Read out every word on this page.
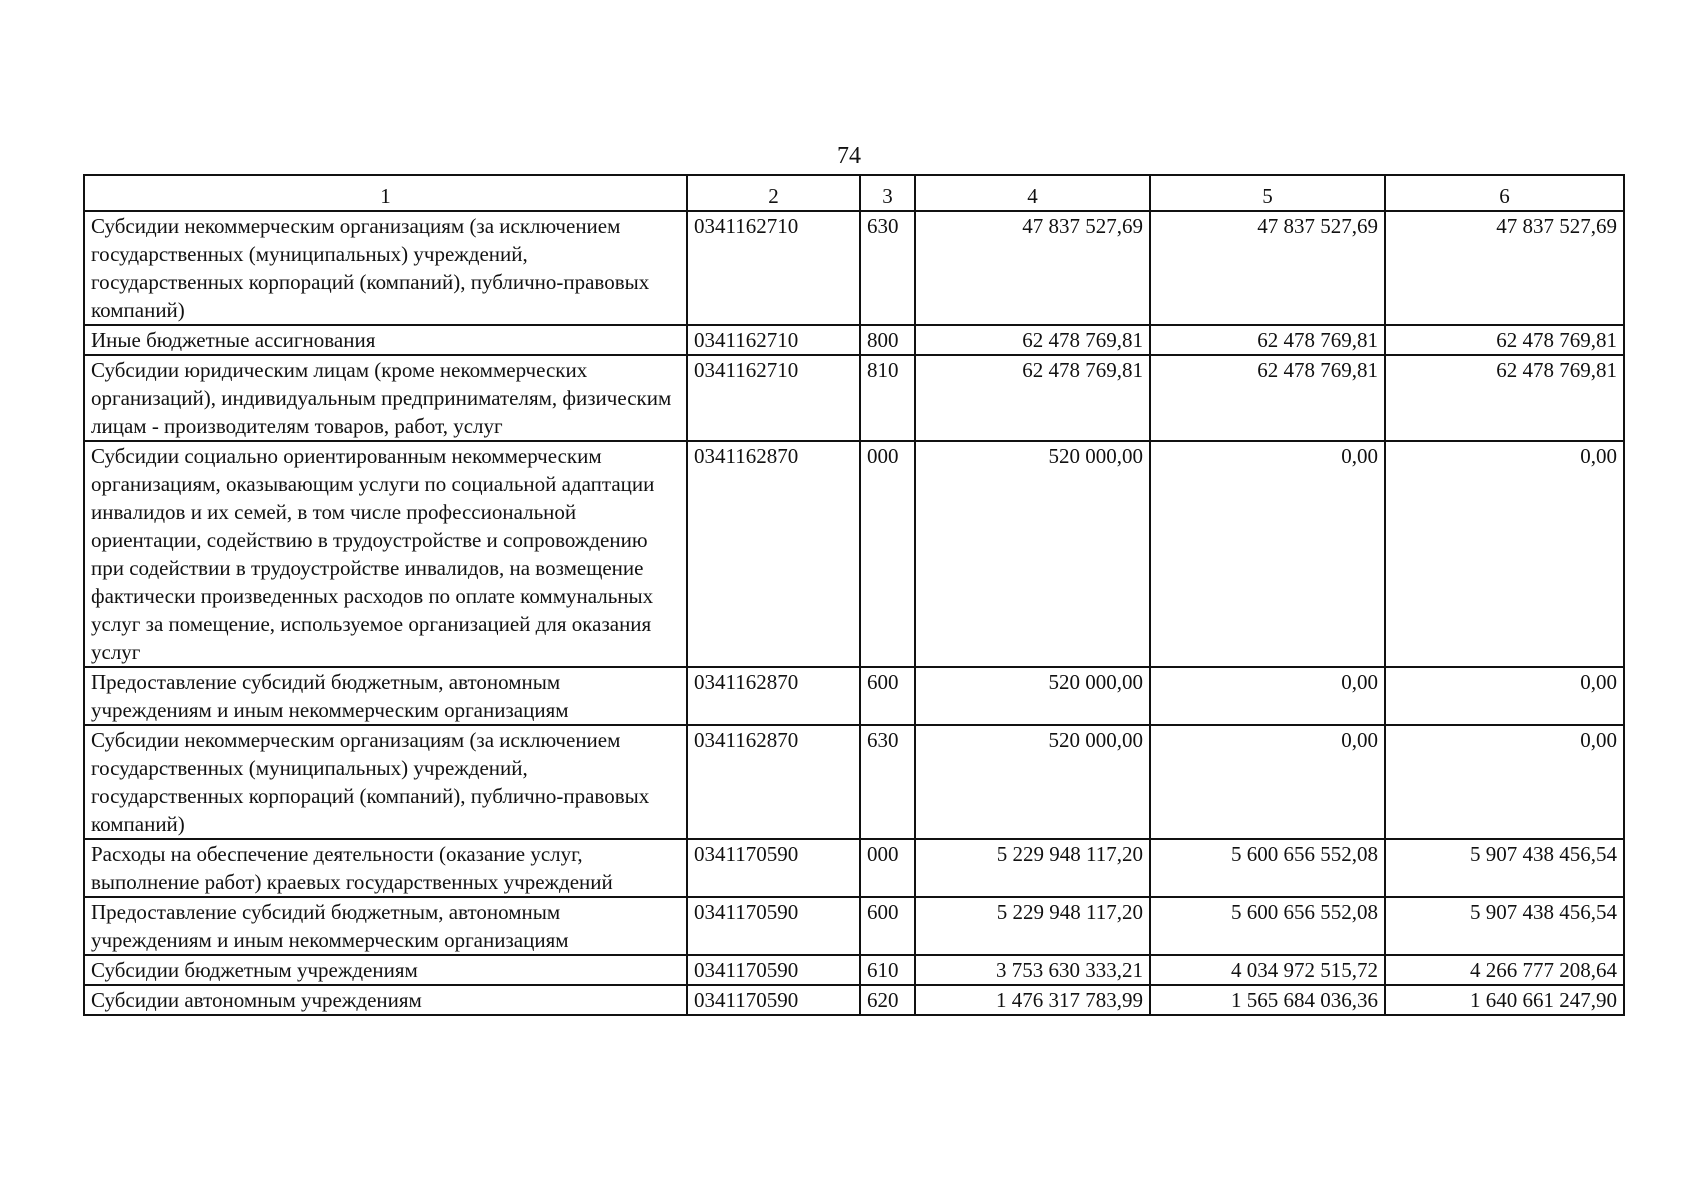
74
1	2	3	4	5	6
Субсидии некоммерческим организациям (за исключением государственных (муниципальных) учреждений, государственных корпораций (компаний), публично-правовых компаний)	0341162710	630	47 837 527,69	47 837 527,69	47 837 527,69
Иные бюджетные ассигнования	0341162710	800	62 478 769,81	62 478 769,81	62 478 769,81
Субсидии юридическим лицам (кроме некоммерческих организаций), индивидуальным предпринимателям, физическим лицам - производителям товаров, работ, услуг	0341162710	810	62 478 769,81	62 478 769,81	62 478 769,81
Субсидии социально ориентированным некоммерческим организациям, оказывающим услуги по социальной адаптации инвалидов и их семей, в том числе профессиональной ориентации, содействию в трудоустройстве и сопровождению при содействии в трудоустройстве инвалидов, на возмещение фактически произведенных расходов по оплате коммунальных услуг за помещение, используемое организацией для оказания услуг	0341162870	000	520 000,00	0,00	0,00
Предоставление субсидий бюджетным, автономным учреждениям и иным некоммерческим организациям	0341162870	600	520 000,00	0,00	0,00
Субсидии некоммерческим организациям (за исключением государственных (муниципальных) учреждений, государственных корпораций (компаний), публично-правовых компаний)	0341162870	630	520 000,00	0,00	0,00
Расходы на обеспечение деятельности (оказание услуг, выполнение работ) краевых государственных учреждений	0341170590	000	5 229 948 117,20	5 600 656 552,08	5 907 438 456,54
Предоставление субсидий бюджетным, автономным учреждениям и иным некоммерческим организациям	0341170590	600	5 229 948 117,20	5 600 656 552,08	5 907 438 456,54
Субсидии бюджетным учреждениям	0341170590	610	3 753 630 333,21	4 034 972 515,72	4 266 777 208,64
Субсидии автономным учреждениям	0341170590	620	1 476 317 783,99	1 565 684 036,36	1 640 661 247,90
